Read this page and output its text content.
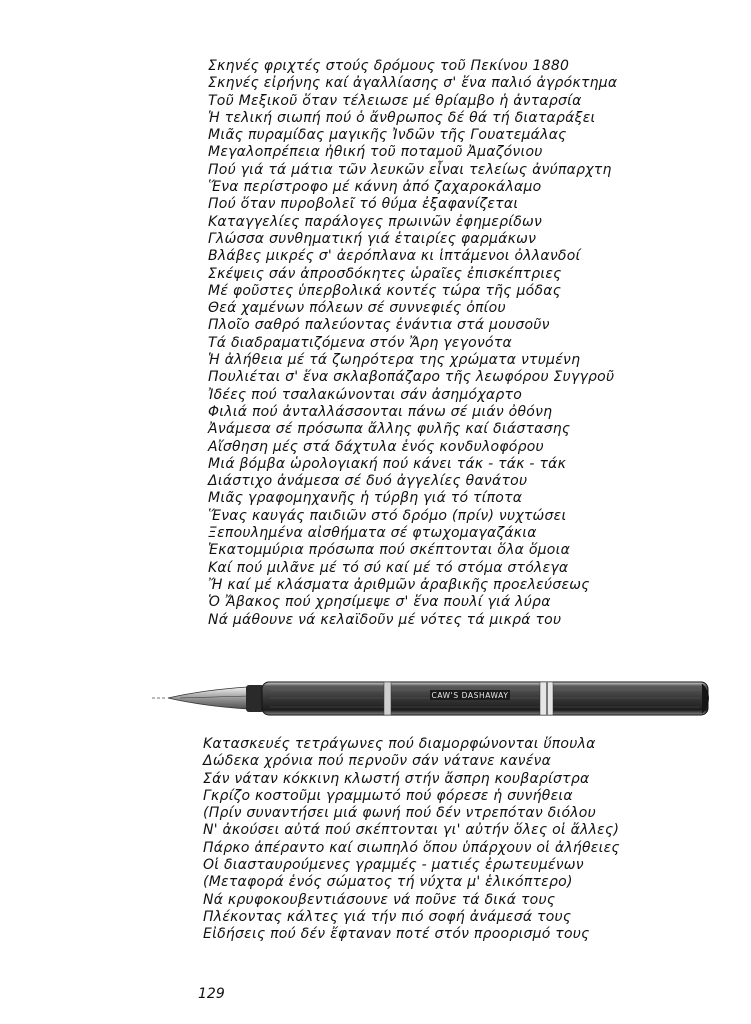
Σκηνές φριχτές στούς δρόμους τοῦ Πεκίνου 1880
Σκηνές εἰρήνης καί ἀγαλλίασης σ' ἕνα παλιό ἀγρόκτημα
Τοῦ Μεξικοῦ ὅταν τέλειωσε μέ θρίαμβο ἡ ἀνταρσία
Ἡ τελική σιωπή πού ὁ ἄνθρωπος δέ θά τή διαταράξει
Μιᾶς πυραμίδας μαγικῆς Ἰνδῶν τῆς Γουατεμάλας
Μεγαλοπρέπεια ἠθική τοῦ ποταμοῦ Ἀμαζόνιου
Πού γιά τά μάτια τῶν λευκῶν εἶναι τελείως ἀνύπαρχτη
Ἕνα περίστροφο μέ κάννη ἀπό ζαχαροκάλαμο
Πού ὅταν πυροβολεῖ τό θύμα ἐξαφανίζεται
Καταγγελίες παράλογες πρωινῶν ἐφημερίδων
Γλώσσα συνθηματική γιά ἑταιρίες φαρμάκων
Βλάβες μικρές σ' ἀερόπλανα κι ἱπτάμενοι ὀλλανδοί
Σκέψεις σάν ἀπροσδόκητες ὡραῖες ἐπισκέπτριες
Μέ φοῦστες ὑπερβολικά κοντές τώρα τῆς μόδας
Θεά χαμένων πόλεων σέ συννεφιές ὀπίου
Πλοῖο σαθρό παλεύοντας ἐνάντια στά μουσοῦν
Τά διαδραματιζόμενα στόν Ἄρη γεγονότα
Ἡ ἀλήθεια μέ τά ζωηρότερα της χρώματα ντυμένη
Πουλιέται σ' ἕνα σκλαβοπάζαρο τῆς λεωφόρου Συγγροῦ
Ἰδέες πού τσαλακώνονται σάν ἀσημόχαρτο
Φιλιά πού ἀνταλλάσσονται πάνω σέ μιάν ὀθόνη
Ἀνάμεσα σέ πρόσωπα ἄλλης φυλῆς καί διάστασης
Αἴσθηση μές στά δάχτυλα ἑνός κονδυλοφόρου
Μιά βόμβα ὡρολογιακή πού κάνει τάκ - τάκ - τάκ
Διάστιχο ἀνάμεσα σέ δυό ἀγγελίες θανάτου
Μιᾶς γραφομηχανῆς ἡ τύρβη γιά τό τίποτα
Ἕνας καυγάς παιδιῶν στό δρόμο (πρίν) νυχτώσει
Ξεπουλημένα αἰσθήματα σέ φτωχομαγαζάκια
Ἑκατομμύρια πρόσωπα πού σκέπτονται ὅλα ὅμοια
Καί πού μιλᾶνε μέ τό σύ καί μέ τό στόμα στόλεγα
Ἤ καί μέ κλάσματα ἀριθμῶν ἀραβικῆς προελεύσεως
Ὁ Ἄβακος πού χρησίμεψε σ' ἕνα πουλί γιά λύρα
Νά μάθουνε νά κελαϊδοῦν μέ νότες τά μικρά του
CAW'S DASHAWAY
Κατασκευές τετράγωνες πού διαμορφώνονται ὕπουλα
Δώδεκα χρόνια πού περνοῦν σάν νάτανε κανένα
Σάν νάταν κόκκινη κλωστή στήν ἄσπρη κουβαρίστρα
Γκρίζο κοστοῦμι γραμμωτό πού φόρεσε ἡ συνήθεια
(Πρίν συναντήσει μιά φωνή πού δέν ντρεπόταν διόλου
Ν' ἀκούσει αὐτά πού σκέπτονται γι' αὐτήν ὅλες οἱ ἄλλες)
Πάρκο ἀπέραντο καί σιωπηλό ὅπου ὑπάρχουν οἱ ἀλήθειες
Οἱ διασταυρούμενες γραμμές - ματιές ἐρωτευμένων
(Μεταφορά ἑνός σώματος τή νύχτα μ' ἑλικόπτερο)
Νά κρυφοκουβεντιάσουνε νά ποῦνε τά δικά τους
Πλέκοντας κάλτες γιά τήν πιό σοφή ἀνάμεσά τους
Εἰδήσεις πού δέν ἔφταναν ποτέ στόν προορισμό τους
129
